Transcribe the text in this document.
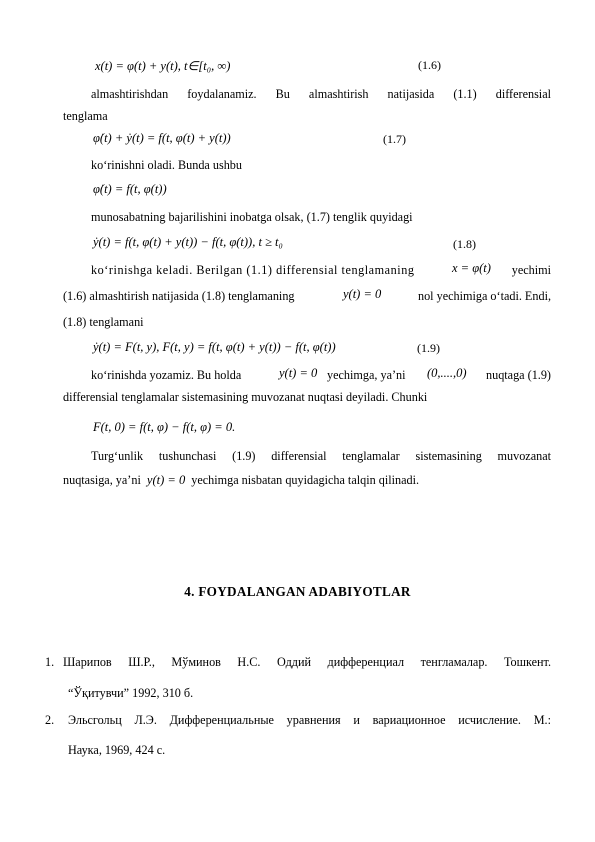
x(t) = φ(t) + y(t), t∈[t₀, ∞)	(1.6)
almashtirishdan foydalanamiz. Bu almashtirish natijasida (1.1) differensial
tenglama
φ̇(t) + ẏ(t) = f(t, φ(t) + y(t))	(1.7)
ko‘rinishni oladi. Bunda ushbu
φ̇(t) = f(t, φ(t))
munosabatning bajarilishini inobatga olsak, (1.7) tenglik quyidagi
ẏ(t) = f(t, φ(t) + y(t)) − f(t, φ(t)), t ≥ t₀	(1.8)
ko‘rinishga keladi. Berilgan (1.1) differensial tenglamaning	x = φ(t) yechimi
(1.6) almashtirish natijasida (1.8) tenglamaning	y(t) = 0	nol yechimiga o‘tadi. Endi,
(1.8) tenglamani
ẏ(t) = F(t, y), F(t, y) = f(t, φ(t) + y(t)) − f(t, φ(t))	(1.9)
ko‘rinishda yozamiz. Bu holda	y(t) = 0 yechimga, ya’ni (0,....,0) nuqtaga (1.9)
differensial tenglamalar sistemasining muvozanat nuqtasi deyiladi. Chunki
F(t, 0) = f(t, φ) − f(t, φ) = 0.
Turg‘unlik tushunchasi (1.9) differensial tenglamalar sistemasining muvozanat
nuqtasiga, ya’ni y(t) = 0 yechimga nisbatan quyidagicha talqin qilinadi.
4. FOYDALANGAN ADABIYOTLAR
1. Шарипов Ш.Р., Мўминов Н.С. Оддий дифференциал тенгламалар. Тошкент.
“Ўқитувчи” 1992, 310 б.
2. Эльсгольц Л.Э. Дифференциальные уравнения и вариационное исчисление. М.:
Наука, 1969, 424 с.
